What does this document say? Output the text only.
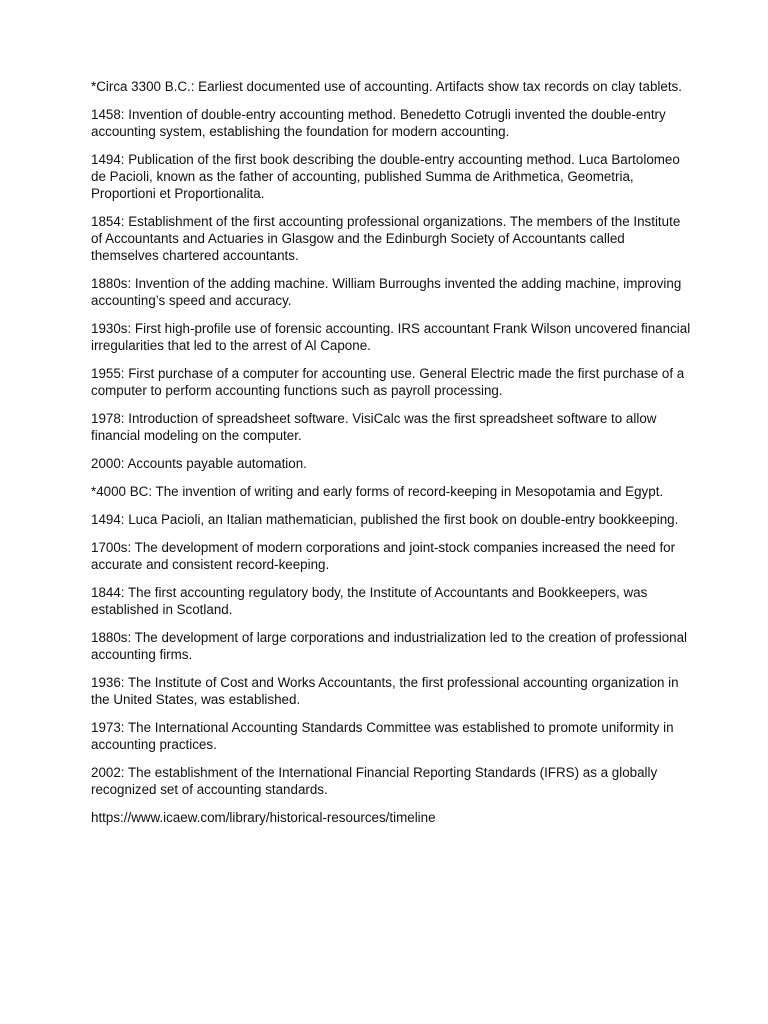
*Circa 3300 B.C.: Earliest documented use of accounting. Artifacts show tax records on clay tablets.

1458: Invention of double-entry accounting method. Benedetto Cotrugli invented the double-entry accounting system, establishing the foundation for modern accounting.

1494: Publication of the first book describing the double-entry accounting method. Luca Bartolomeo de Pacioli, known as the father of accounting, published Summa de Arithmetica, Geometria, Proportioni et Proportionalita.

1854: Establishment of the first accounting professional organizations. The members of the Institute of Accountants and Actuaries in Glasgow and the Edinburgh Society of Accountants called themselves chartered accountants.

1880s: Invention of the adding machine. William Burroughs invented the adding machine, improving accounting’s speed and accuracy.

1930s: First high-profile use of forensic accounting. IRS accountant Frank Wilson uncovered financial irregularities that led to the arrest of Al Capone.

1955: First purchase of a computer for accounting use. General Electric made the first purchase of a computer to perform accounting functions such as payroll processing.

1978: Introduction of spreadsheet software. VisiCalc was the first spreadsheet software to allow financial modeling on the computer.

2000: Accounts payable automation.

*4000 BC: The invention of writing and early forms of record-keeping in Mesopotamia and Egypt.

1494: Luca Pacioli, an Italian mathematician, published the first book on double-entry bookkeeping.

1700s: The development of modern corporations and joint-stock companies increased the need for accurate and consistent record-keeping.

1844: The first accounting regulatory body, the Institute of Accountants and Bookkeepers, was established in Scotland.

1880s: The development of large corporations and industrialization led to the creation of professional accounting firms.

1936: The Institute of Cost and Works Accountants, the first professional accounting organization in the United States, was established.

1973: The International Accounting Standards Committee was established to promote uniformity in accounting practices.

2002: The establishment of the International Financial Reporting Standards (IFRS) as a globally recognized set of accounting standards.

https://www.icaew.com/library/historical-resources/timeline
